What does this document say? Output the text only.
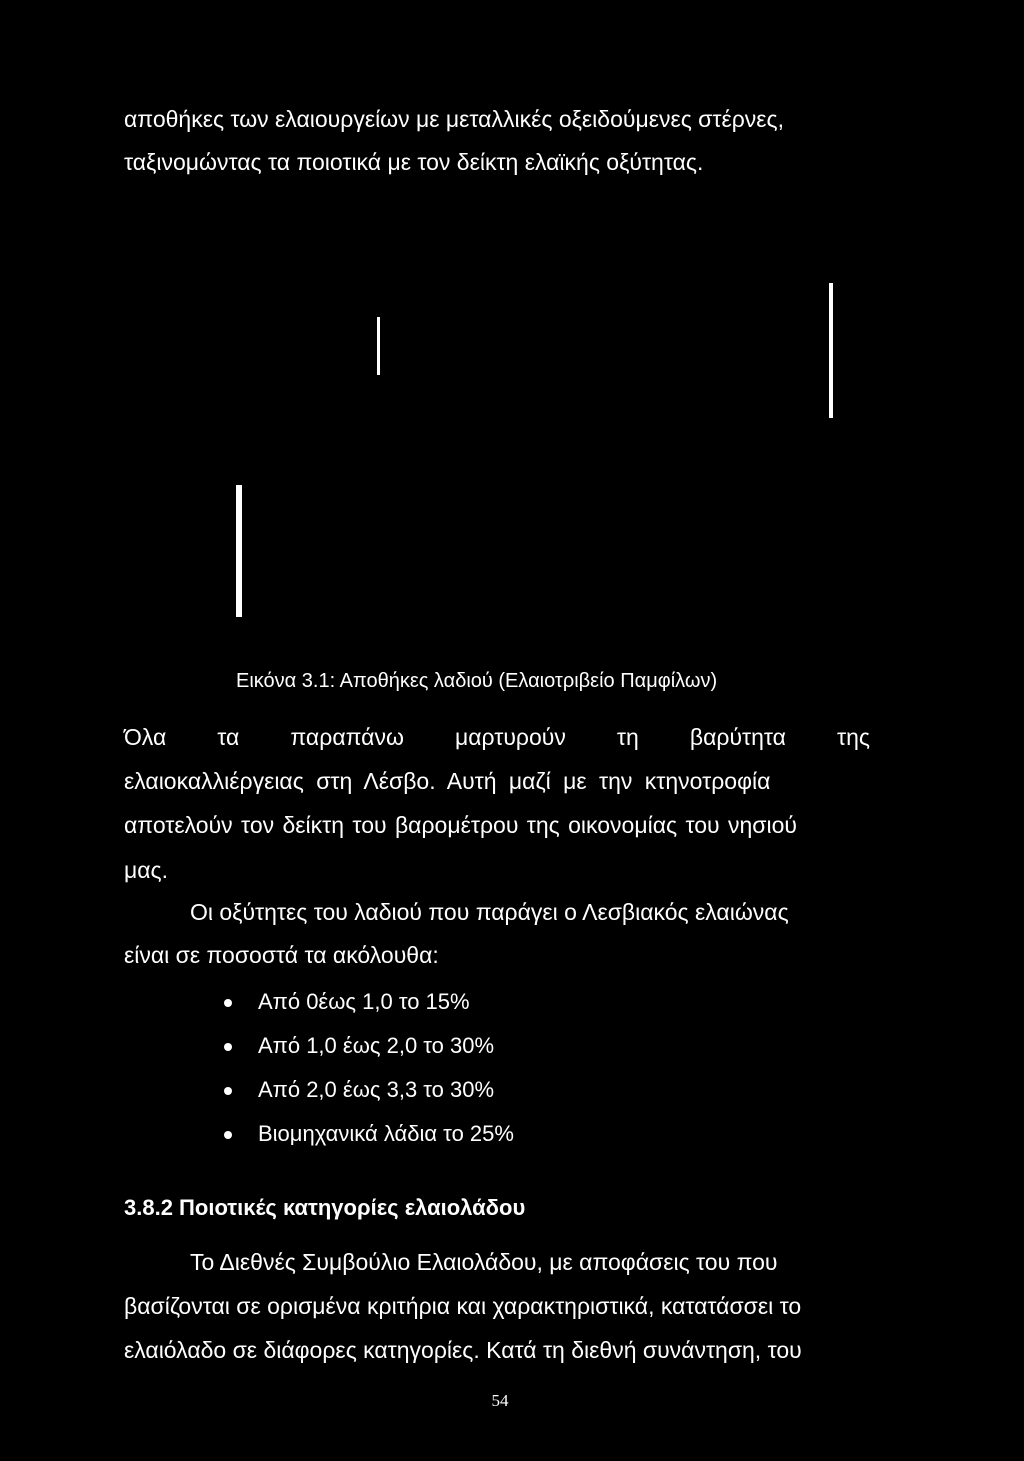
αποθήκες των ελαιουργείων με μεταλλικές οξειδούμενες στέρνες,
ταξινομώντας τα ποιοτικά με τον δείκτη ελαϊκής οξύτητας.
Εικόνα 3.1: Αποθήκες λαδιού (Ελαιοτριβείο Παμφίλων)
Όλα τα παραπάνω μαρτυρούν τη βαρύτητα της
ελαιοκαλλιέργειας στη Λέσβο. Αυτή μαζί με την κτηνοτροφία
αποτελούν τον δείκτη του βαρομέτρου της οικονομίας του νησιού
μας.
Οι οξύτητες του λαδιού που παράγει ο Λεσβιακός ελαιώνας
είναι σε ποσοστά τα ακόλουθα:
Από 0έως 1,0 το 15%
Από 1,0 έως 2,0 το 30%
Από 2,0 έως 3,3 το 30%
Βιομηχανικά λάδια το 25%
3.8.2 Ποιοτικές κατηγορίες ελαιολάδου
Το Διεθνές Συμβούλιο Ελαιολάδου, με αποφάσεις του που
βασίζονται σε ορισμένα κριτήρια και χαρακτηριστικά, κατατάσσει το
ελαιόλαδο σε διάφορες κατηγορίες. Κατά τη διεθνή συνάντηση, του
54
